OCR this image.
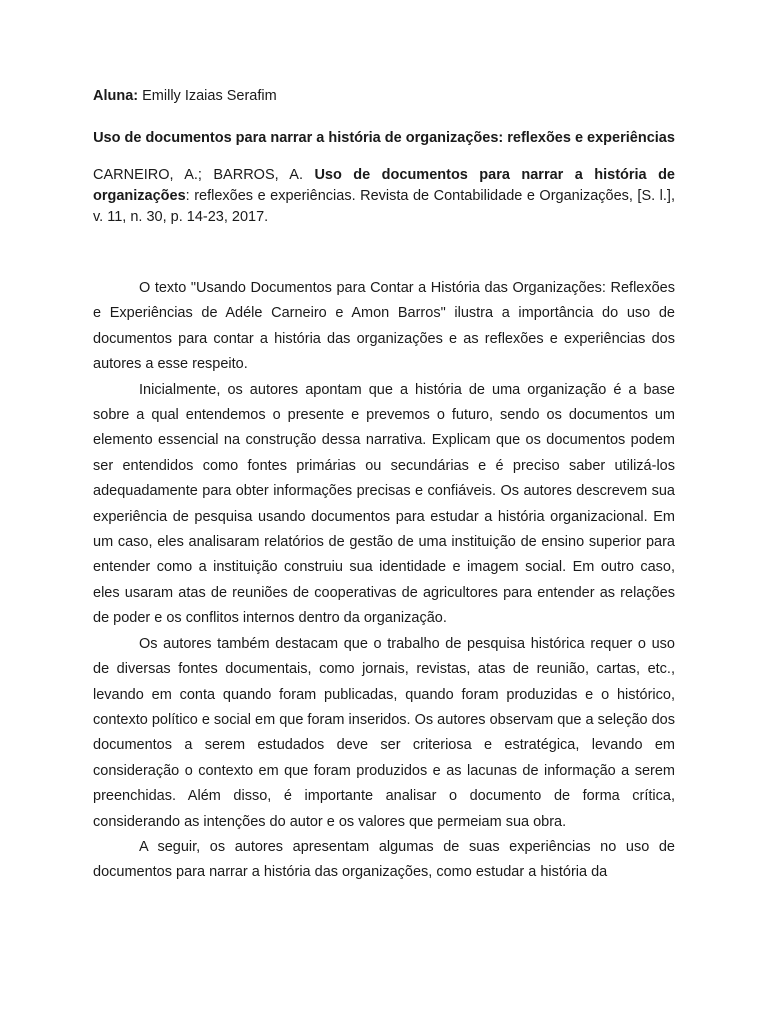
Aluna: Emilly Izaias Serafim

Uso de documentos para narrar a história de organizações: reflexões e experiências

CARNEIRO, A.; BARROS, A. Uso de documentos para narrar a história de organizações: reflexões e experiências. Revista de Contabilidade e Organizações, [S. l.], v. 11, n. 30, p. 14-23, 2017.

O texto "Usando Documentos para Contar a História das Organizações: Reflexões e Experiências de Adéle Carneiro e Amon Barros" ilustra a importância do uso de documentos para contar a história das organizações e as reflexões e experiências dos autores a esse respeito.

Inicialmente, os autores apontam que a história de uma organização é a base sobre a qual entendemos o presente e prevemos o futuro, sendo os documentos um elemento essencial na construção dessa narrativa. Explicam que os documentos podem ser entendidos como fontes primárias ou secundárias e é preciso saber utilizá-los adequadamente para obter informações precisas e confiáveis. Os autores descrevem sua experiência de pesquisa usando documentos para estudar a história organizacional. Em um caso, eles analisaram relatórios de gestão de uma instituição de ensino superior para entender como a instituição construiu sua identidade e imagem social. Em outro caso, eles usaram atas de reuniões de cooperativas de agricultores para entender as relações de poder e os conflitos internos dentro da organização.

Os autores também destacam que o trabalho de pesquisa histórica requer o uso de diversas fontes documentais, como jornais, revistas, atas de reunião, cartas, etc., levando em conta quando foram publicadas, quando foram produzidas e o histórico, contexto político e social em que foram inseridos. Os autores observam que a seleção dos documentos a serem estudados deve ser criteriosa e estratégica, levando em consideração o contexto em que foram produzidos e as lacunas de informação a serem preenchidas. Além disso, é importante analisar o documento de forma crítica, considerando as intenções do autor e os valores que permeiam sua obra.

A seguir, os autores apresentam algumas de suas experiências no uso de documentos para narrar a história das organizações, como estudar a história da
